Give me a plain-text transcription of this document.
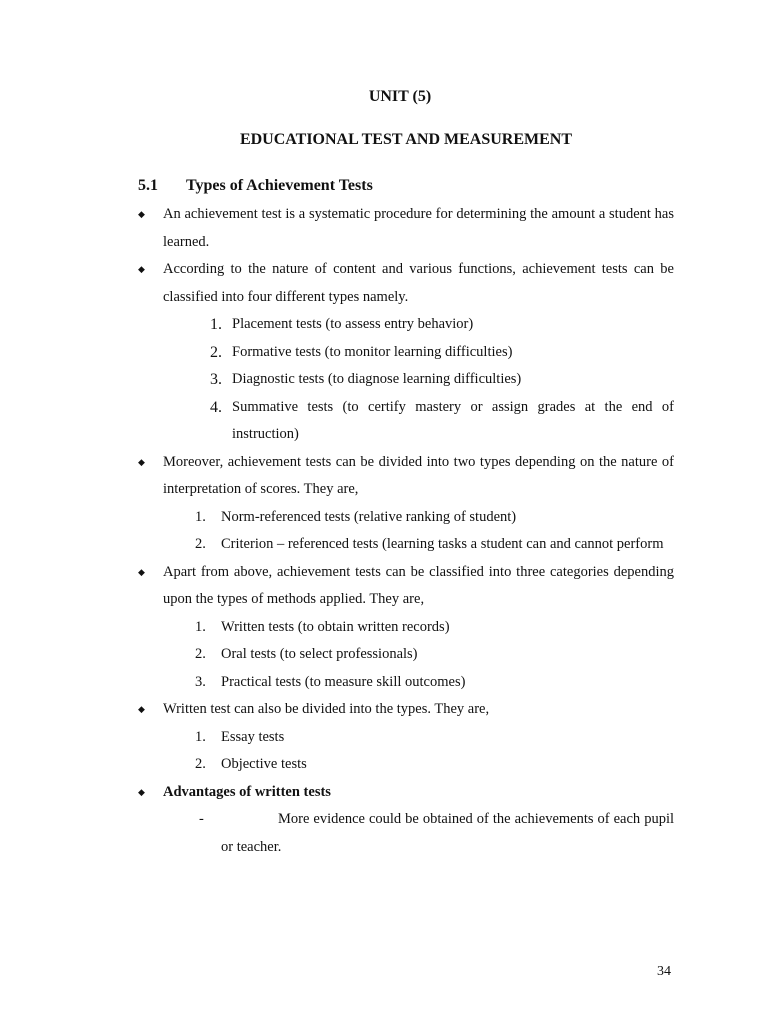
UNIT (5)
EDUCATIONAL TEST AND MEASUREMENT
5.1 Types of Achievement Tests
◆ An achievement test is a systematic procedure for determining the amount a student has learned.
◆ According to the nature of content and various functions, achievement tests can be classified into four different types namely.
1. Placement tests (to assess entry behavior)
2. Formative tests (to monitor learning difficulties)
3. Diagnostic tests (to diagnose learning difficulties)
4. Summative tests (to certify mastery or assign grades at the end of instruction)
◆ Moreover, achievement tests can be divided into two types depending on the nature of interpretation of scores. They are,
1. Norm-referenced tests (relative ranking of student)
2. Criterion – referenced tests (learning tasks a student can and cannot perform
◆ Apart from above, achievement tests can be classified into three categories depending upon the types of methods applied. They are,
1. Written tests (to obtain written records)
2. Oral tests (to select professionals)
3. Practical tests (to measure skill outcomes)
◆ Written test can also be divided into the types. They are,
1. Essay tests
2. Objective tests
◆ Advantages of written tests
-	More evidence could be obtained of the achievements of each pupil or teacher.
34
